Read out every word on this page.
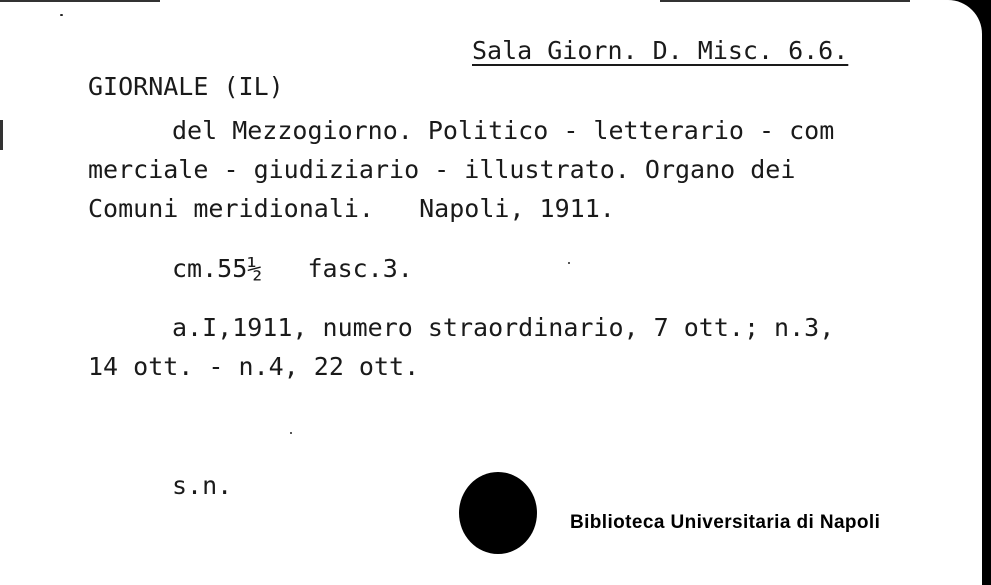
Sala Giorn. D. Misc. 6.6.
GIORNALE (IL)
del Mezzogiorno. Politico - letterario - com
merciale - giudiziario - illustrato. Organo dei
Comuni meridionali.   Napoli, 1911.
cm.55½   fasc.3.
a.I,1911, numero straordinario, 7 ott.; n.3,
14 ott. - n.4, 22 ott.
s.n.
Biblioteca Universitaria di Napoli
